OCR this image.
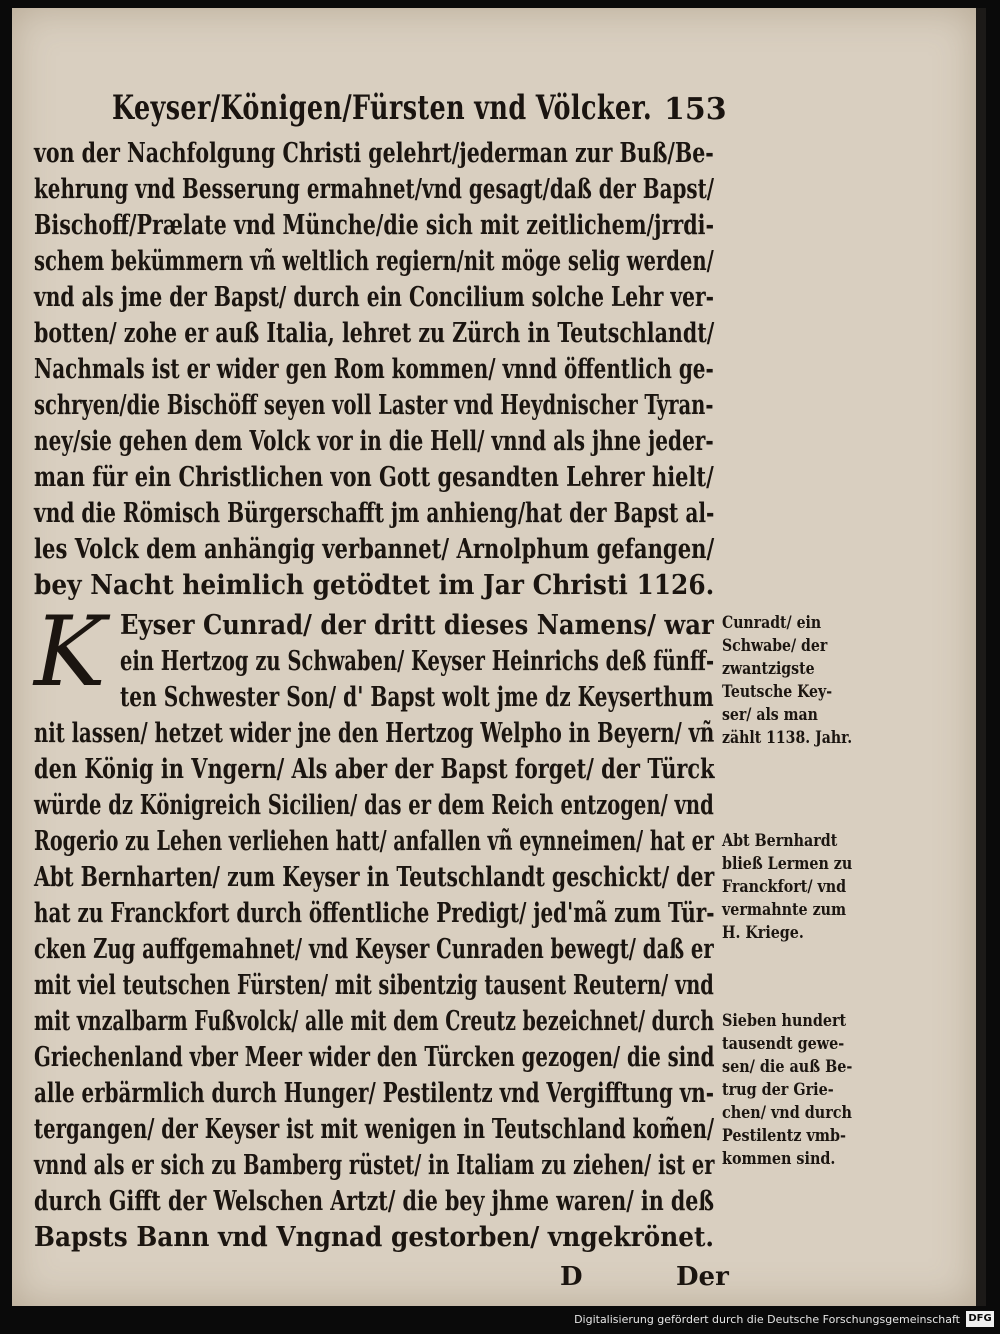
Keyser/Königen/Fürsten vnd Völcker. 153
von der Nachfolgung Christi gelehrt/jederman zur Buß/Be-
kehrung vnd Besserung ermahnet/vnd gesagt/daß der Bapst/
Bischoff/Prælate vnd Münche/die sich mit zeitlichem/jrrdi-
schem bekümmern vñ weltlich regiern/nit möge selig werden/
vnd als jme der Bapst/ durch ein Concilium solche Lehr ver-
botten/ zohe er auß Italia, lehret zu Zürch in Teutschlandt/
Nachmals ist er wider gen Rom kommen/ vnnd öffentlich ge-
schryen/die Bischöff seyen voll Laster vnd Heydnischer Tyran-
ney/sie gehen dem Volck vor in die Hell/ vnnd als jhne jeder-
man für ein Christlichen von Gott gesandten Lehrer hielt/
vnd die Römisch Bürgerschafft jm anhieng/hat der Bapst al-
les Volck dem anhängig verbannet/ Arnolphum gefangen/
bey Nacht heimlich getödtet im Jar Christi 1126.
K Eyser Cunrad/ der dritt dieses Namens/ war
ein Hertzog zu Schwaben/ Keyser Heinrichs deß fünff-
ten Schwester Son/ d' Bapst wolt jme dz Keyserthum
nit lassen/ hetzet wider jne den Hertzog Welpho in Beyern/ vñ
den König in Vngern/ Als aber der Bapst forget/ der Türck
würde dz Königreich Sicilien/ das er dem Reich entzogen/ vnd
Rogerio zu Lehen verliehen hatt/ anfallen vñ eynneimen/ hat er
Abt Bernharten/ zum Keyser in Teutschlandt geschickt/ der
hat zu Franckfort durch öffentliche Predigt/ jed'mã zum Tür-
cken Zug auffgemahnet/ vnd Keyser Cunraden bewegt/ daß er
mit viel teutschen Fürsten/ mit sibentzig tausent Reutern/ vnd
mit vnzalbarm Fußvolck/ alle mit dem Creutz bezeichnet/ durch
Griechenland vber Meer wider den Türcken gezogen/ die sind
alle erbärmlich durch Hunger/ Pestilentz vnd Vergifftung vn-
tergangen/ der Keyser ist mit wenigen in Teutschland kom̃en/
vnnd als er sich zu Bamberg rüstet/ in Italiam zu ziehen/ ist er
durch Gifft der Welschen Artzt/ die bey jhme waren/ in deß
Bapsts Bann vnd Vngnad gestorben/ vngekrönet.
Cunradt/ ein
Schwabe/ der
zwantzigste
Teutsche Key-
ser/ als man
zählt 1138. Jahr.
Abt Bernhardt
bließ Lermen zu
Franckfort/ vnd
vermahnte zum
H. Kriege.
Sieben hundert
tausendt gewe-
sen/ die auß Be-
trug der Grie-
chen/ vnd durch
Pestilentz vmb-
kommen sind.
D	Der
Digitalisierung gefördert durch die Deutsche Forschungsgemeinschaft DFG
